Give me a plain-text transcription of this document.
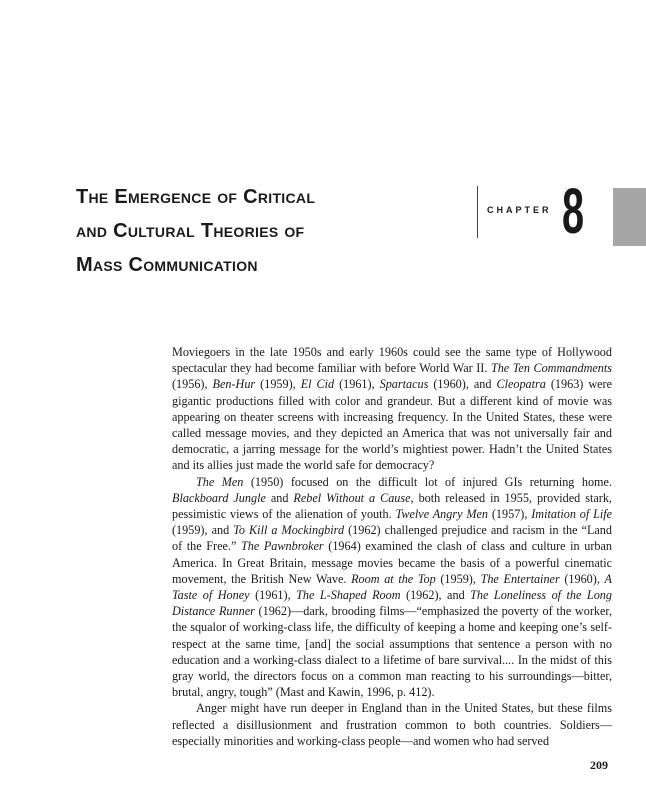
The Emergence of Critical
and Cultural Theories of
Mass Communication
CHAPTER 8

Moviegoers in the late 1950s and early 1960s could see the same type of Hollywood spectacular they had become familiar with before World War II. The Ten Commandments (1956), Ben-Hur (1959), El Cid (1961), Spartacus (1960), and Cleopatra (1963) were gigantic productions filled with color and grandeur. But a different kind of movie was appearing on theater screens with increasing frequency. In the United States, these were called message movies, and they depicted an America that was not universally fair and democratic, a jarring message for the world’s mightiest power. Hadn’t the United States and its allies just made the world safe for democracy?

The Men (1950) focused on the difficult lot of injured GIs returning home. Blackboard Jungle and Rebel Without a Cause, both released in 1955, provided stark, pessimistic views of the alienation of youth. Twelve Angry Men (1957), Imitation of Life (1959), and To Kill a Mockingbird (1962) challenged prejudice and racism in the “Land of the Free.” The Pawnbroker (1964) examined the clash of class and culture in urban America. In Great Britain, message movies became the basis of a powerful cinematic movement, the British New Wave. Room at the Top (1959), The Entertainer (1960), A Taste of Honey (1961), The L-Shaped Room (1962), and The Loneliness of the Long Distance Runner (1962)—dark, brooding films—“emphasized the poverty of the worker, the squalor of working-class life, the difficulty of keeping a home and keeping one’s self-respect at the same time, [and] the social assumptions that sentence a person with no education and a working-class dialect to a lifetime of bare survival.... In the midst of this gray world, the directors focus on a common man reacting to his surroundings—bitter, brutal, angry, tough” (Mast and Kawin, 1996, p. 412).

Anger might have run deeper in England than in the United States, but these films reflected a disillusionment and frustration common to both countries. Soldiers—especially minorities and working-class people—and women who had served

209
